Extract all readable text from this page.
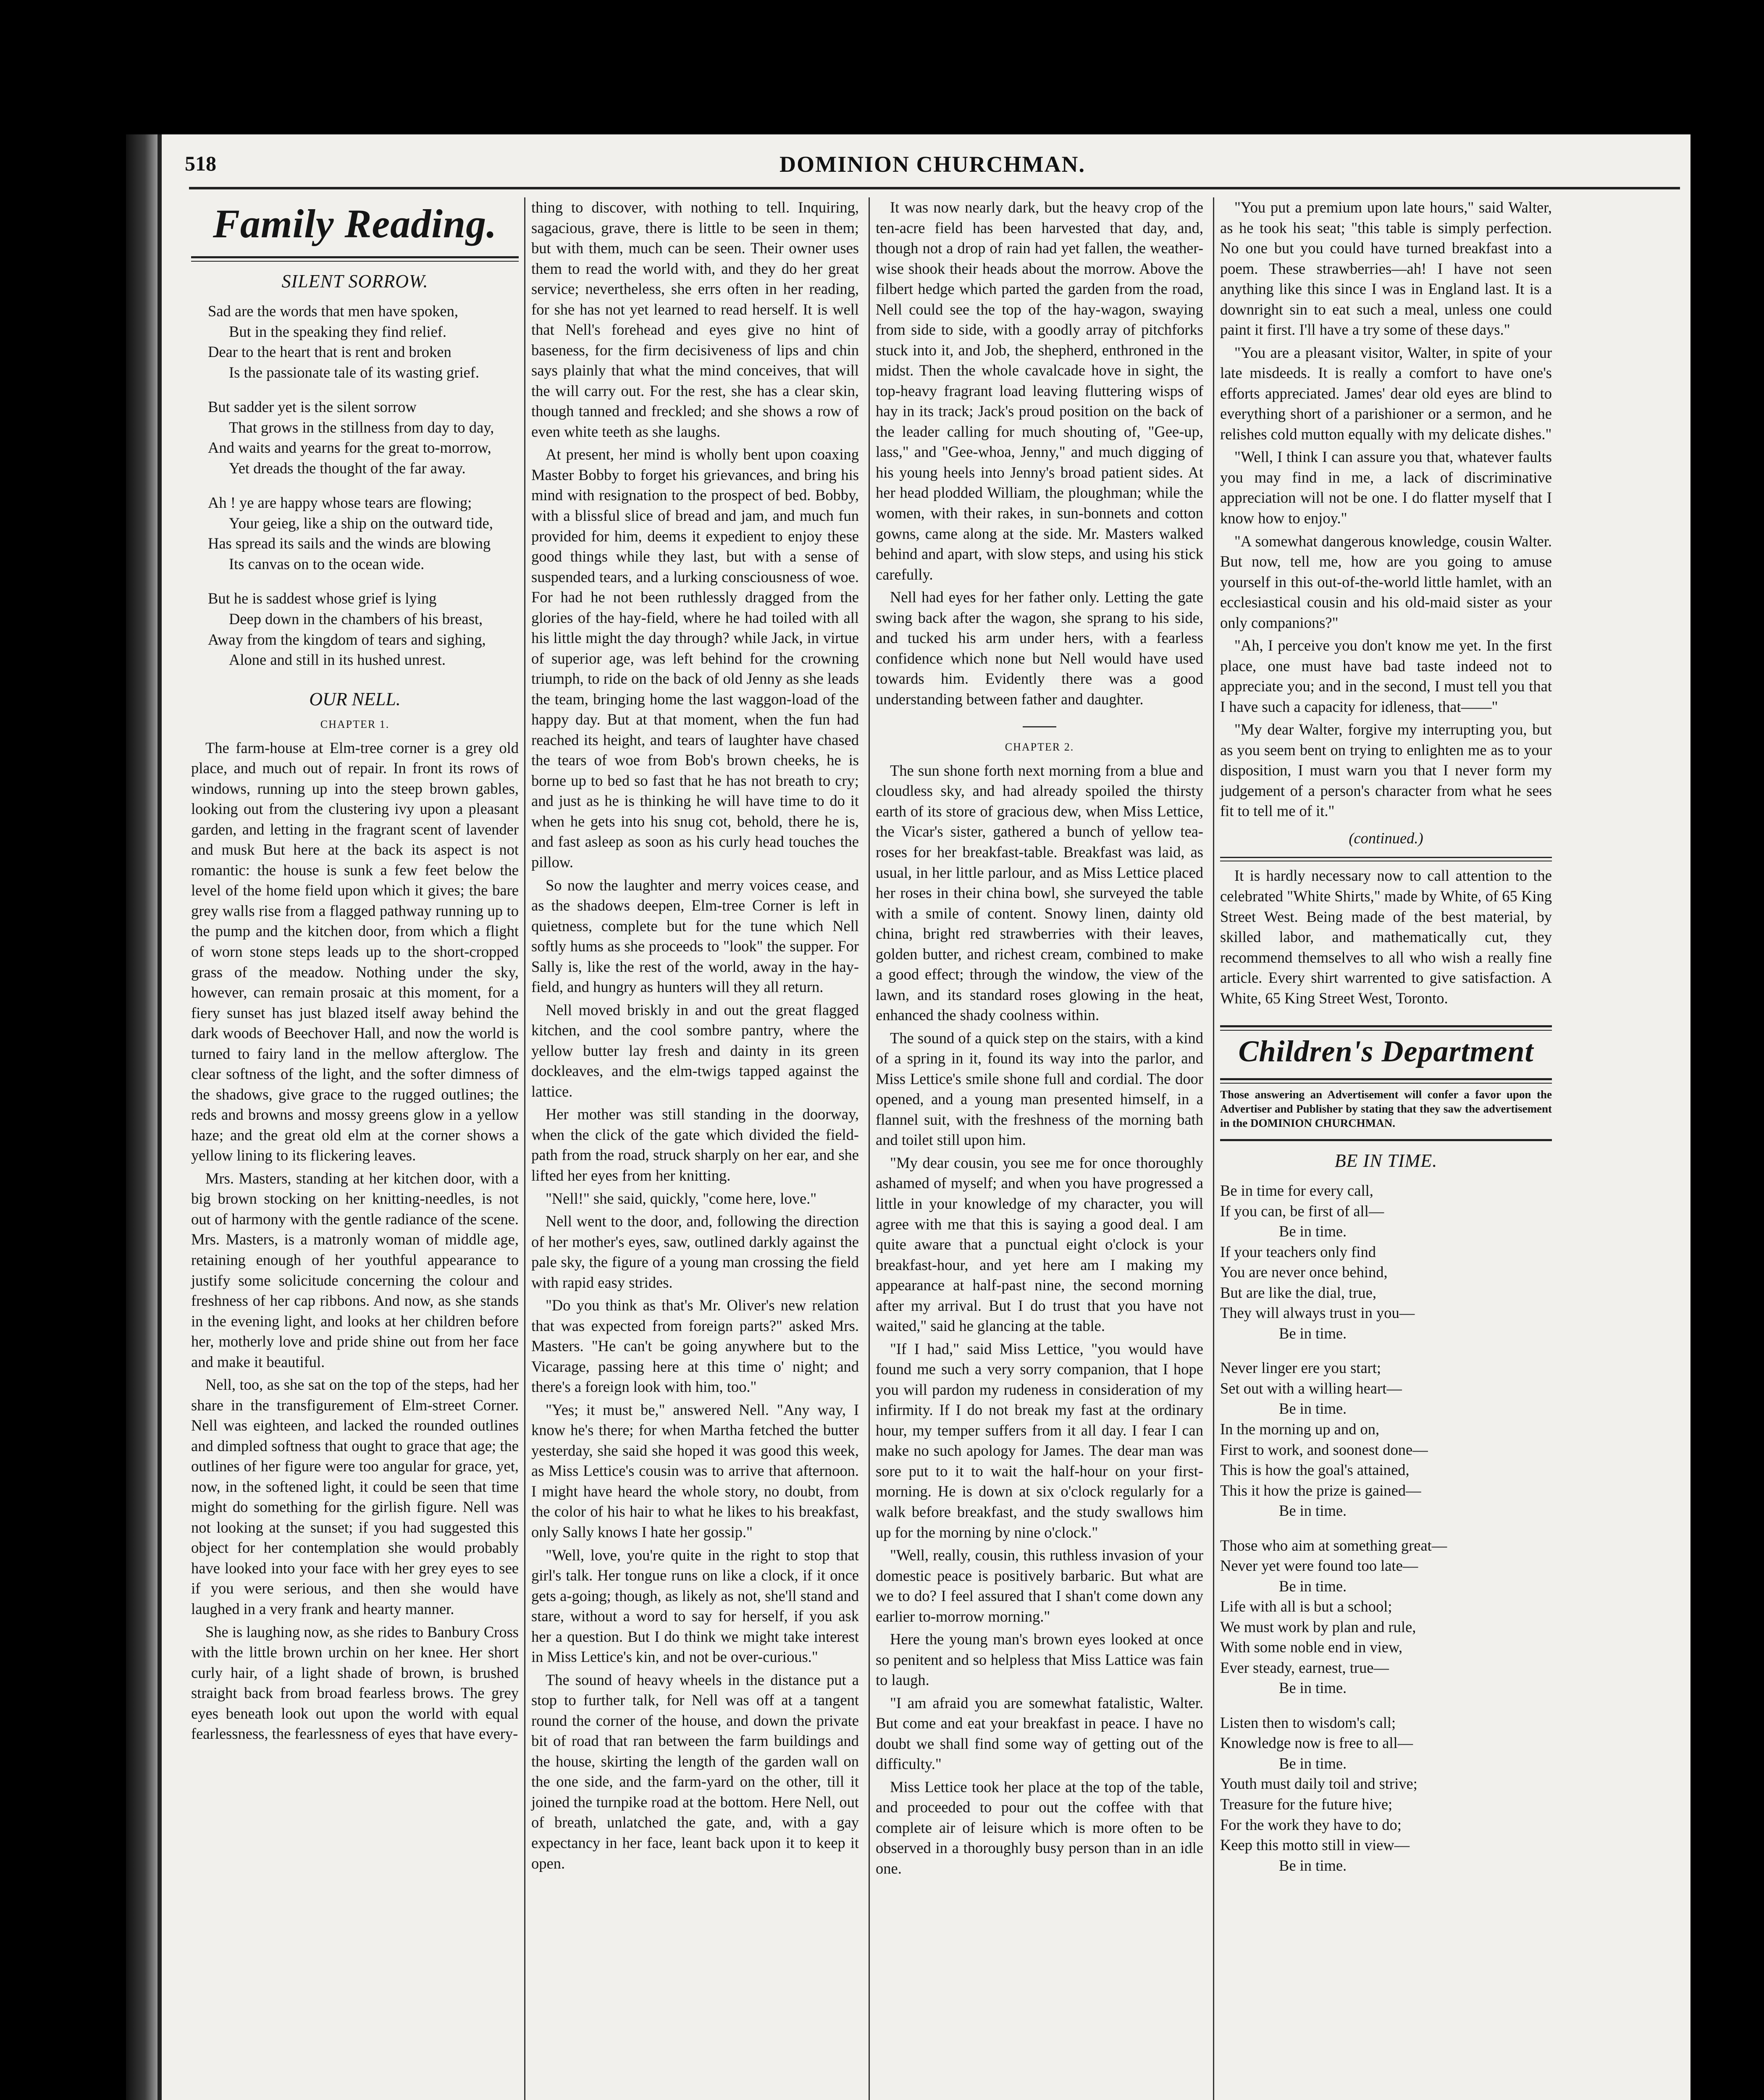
518	DOMINION CHURCHMAN.
Family Reading.
SILENT SORROW.

Sad are the words that men have spoken,

But in the speaking they find relief.

Dear to the heart that is rent and broken

Is the passionate tale of its wasting grief.

But sadder yet is the silent sorrow

That grows in the stillness from day to day,

And waits and yearns for the great to-morrow,

Yet dreads the thought of the far away.

Ah ! ye are happy whose tears are flowing;

Your geieg, like a ship on the outward tide,

Has spread its sails and the winds are blowing

Its canvas on to the ocean wide.

But he is saddest whose grief is lying

Deep down in the chambers of his breast,

Away from the kingdom of tears and sighing,

Alone and still in its hushed unrest.

OUR NELL.
CHAPTER 1.

The farm-house at Elm-tree corner is a grey old place, and much out of repair. In front its rows of windows, running up into the steep brown gables, looking out from the clustering ivy upon a pleasant garden, and letting in the fragrant scent of lavender and musk But here at the back its aspect is not romantic: the house is sunk a few feet below the level of the home field upon which it gives; the bare grey walls rise from a flagged pathway running up to the pump and the kitchen door, from which a flight of worn stone steps leads up to the short-cropped grass of the meadow. Nothing under the sky, however, can remain prosaic at this moment, for a fiery sunset has just blazed itself away behind the dark woods of Beechover Hall, and now the world is turned to fairy land in the mellow afterglow. The clear softness of the light, and the softer dimness of the shadows, give grace to the rugged outlines; the reds and browns and mossy greens glow in a yellow haze; and the great old elm at the corner shows a yellow lining to its flickering leaves.

Mrs. Masters, standing at her kitchen door, with a big brown stocking on her knitting-needles, is not out of harmony with the gentle radiance of the scene. Mrs. Masters, is a matronly woman of middle age, retaining enough of her youthful appearance to justify some solicitude concerning the colour and freshness of her cap ribbons. And now, as she stands in the evening light, and looks at her children before her, motherly love and pride shine out from her face and make it beautiful.

Nell, too, as she sat on the top of the steps, had her share in the transfigurement of Elm-street Corner. Nell was eighteen, and lacked the rounded outlines and dimpled softness that ought to grace that age; the outlines of her figure were too angular for grace, yet, now, in the softened light, it could be seen that time might do something for the girlish figure. Nell was not looking at the sunset; if you had suggested this object for her contemplation she would probably have looked into your face with her grey eyes to see if you were serious, and then she would have laughed in a very frank and hearty manner.

She is laughing now, as she rides to Banbury Cross with the little brown urchin on her knee. Her short curly hair, of a light shade of brown, is brushed straight back from broad fearless brows. The grey eyes beneath look out upon the world with equal fearlessness, the fearlessness of eyes that have every-

thing to discover, with nothing to tell. Inquiring, sagacious, grave, there is little to be seen in them; but with them, much can be seen. Their owner uses them to read the world with, and they do her great service; nevertheless, she errs often in her reading, for she has not yet learned to read herself. It is well that Nell's forehead and eyes give no hint of baseness, for the firm decisiveness of lips and chin says plainly that what the mind conceives, that will the will carry out. For the rest, she has a clear skin, though tanned and freckled; and she shows a row of even white teeth as she laughs.

At present, her mind is wholly bent upon coaxing Master Bobby to forget his grievances, and bring his mind with resignation to the prospect of bed. Bobby, with a blissful slice of bread and jam, and much fun provided for him, deems it expedient to enjoy these good things while they last, but with a sense of suspended tears, and a lurking consciousness of woe. For had he not been ruthlessly dragged from the glories of the hay-field, where he had toiled with all his little might the day through? while Jack, in virtue of superior age, was left behind for the crowning triumph, to ride on the back of old Jenny as she leads the team, bringing home the last waggon-load of the happy day. But at that moment, when the fun had reached its height, and tears of laughter have chased the tears of woe from Bob's brown cheeks, he is borne up to bed so fast that he has not breath to cry; and just as he is thinking he will have time to do it when he gets into his snug cot, behold, there he is, and fast asleep as soon as his curly head touches the pillow.

So now the laughter and merry voices cease, and as the shadows deepen, Elm-tree Corner is left in quietness, complete but for the tune which Nell softly hums as she proceeds to "look" the supper. For Sally is, like the rest of the world, away in the hay-field, and hungry as hunters will they all return.

Nell moved briskly in and out the great flagged kitchen, and the cool sombre pantry, where the yellow butter lay fresh and dainty in its green dockleaves, and the elm-twigs tapped against the lattice.

Her mother was still standing in the doorway, when the click of the gate which divided the field-path from the road, struck sharply on her ear, and she lifted her eyes from her knitting.

"Nell!" she said, quickly, "come here, love."

Nell went to the door, and, following the direction of her mother's eyes, saw, outlined darkly against the pale sky, the figure of a young man crossing the field with rapid easy strides.

"Do you think as that's Mr. Oliver's new relation that was expected from foreign parts?" asked Mrs. Masters. "He can't be going anywhere but to the Vicarage, passing here at this time o' night; and there's a foreign look with him, too."

"Yes; it must be," answered Nell. "Any way, I know he's there; for when Martha fetched the butter yesterday, she said she hoped it was good this week, as Miss Lettice's cousin was to arrive that afternoon. I might have heard the whole story, no doubt, from the color of his hair to what he likes to his breakfast, only Sally knows I hate her gossip."

"Well, love, you're quite in the right to stop that girl's talk. Her tongue runs on like a clock, if it once gets a-going; though, as likely as not, she'll stand and stare, without a word to say for herself, if you ask her a question. But I do think we might take interest in Miss Lettice's kin, and not be over-curious."

The sound of heavy wheels in the distance put a stop to further talk, for Nell was off at a tangent round the corner of the house, and down the private bit of road that ran between the farm buildings and the house, skirting the length of the garden wall on the one side, and the farm-yard on the other, till it joined the turnpike road at the bottom. Here Nell, out of breath, unlatched the gate, and, with a gay expectancy in her face, leant back upon it to keep it open.

It was now nearly dark, but the heavy crop of the ten-acre field has been harvested that day, and, though not a drop of rain had yet fallen, the weather-wise shook their heads about the morrow. Above the filbert hedge which parted the garden from the road, Nell could see the top of the hay-wagon, swaying from side to side, with a goodly array of pitchforks stuck into it, and Job, the shepherd, enthroned in the midst. Then the whole cavalcade hove in sight, the top-heavy fragrant load leaving fluttering wisps of hay in its track; Jack's proud position on the back of the leader calling for much shouting of, "Gee-up, lass," and "Gee-whoa, Jenny," and much digging of his young heels into Jenny's broad patient sides. At her head plodded William, the ploughman; while the women, with their rakes, in sun-bonnets and cotton gowns, came along at the side. Mr. Masters walked behind and apart, with slow steps, and using his stick carefully.

Nell had eyes for her father only. Letting the gate swing back after the wagon, she sprang to his side, and tucked his arm under hers, with a fearless confidence which none but Nell would have used towards him. Evidently there was a good understanding between father and daughter.

CHAPTER 2.

The sun shone forth next morning from a blue and cloudless sky, and had already spoiled the thirsty earth of its store of gracious dew, when Miss Lettice, the Vicar's sister, gathered a bunch of yellow tea-roses for her breakfast-table. Breakfast was laid, as usual, in her little parlour, and as Miss Lettice placed her roses in their china bowl, she surveyed the table with a smile of content. Snowy linen, dainty old china, bright red strawberries with their leaves, golden butter, and richest cream, combined to make a good effect; through the window, the view of the lawn, and its standard roses glowing in the heat, enhanced the shady coolness within.

The sound of a quick step on the stairs, with a kind of a spring in it, found its way into the parlor, and Miss Lettice's smile shone full and cordial. The door opened, and a young man presented himself, in a flannel suit, with the freshness of the morning bath and toilet still upon him.

"My dear cousin, you see me for once thoroughly ashamed of myself; and when you have progressed a little in your knowledge of my character, you will agree with me that this is saying a good deal. I am quite aware that a punctual eight o'clock is your breakfast-hour, and yet here am I making my appearance at half-past nine, the second morning after my arrival. But I do trust that you have not waited," said he glancing at the table.

"If I had," said Miss Lettice, "you would have found me such a very sorry companion, that I hope you will pardon my rudeness in consideration of my infirmity. If I do not break my fast at the ordinary hour, my temper suffers from it all day. I fear I can make no such apology for James. The dear man was sore put to it to wait the half-hour on your first-morning. He is down at six o'clock regularly for a walk before breakfast, and the study swallows him up for the morning by nine o'clock."

"Well, really, cousin, this ruthless invasion of your domestic peace is positively barbaric. But what are we to do? I feel assured that I shan't come down any earlier to-morrow morning."

Here the young man's brown eyes looked at once so penitent and so helpless that Miss Lattice was fain to laugh.

"I am afraid you are somewhat fatalistic, Walter. But come and eat your breakfast in peace. I have no doubt we shall find some way of getting out of the difficulty."

Miss Lettice took her place at the top of the table, and proceeded to pour out the coffee with that complete air of leisure which is more often to be observed in a thoroughly busy person than in an idle one.

"You put a premium upon late hours," said Walter, as he took his seat; "this table is simply perfection. No one but you could have turned breakfast into a poem. These strawberries—ah! I have not seen anything like this since I was in England last. It is a downright sin to eat such a meal, unless one could paint it first. I'll have a try some of these days."

"You are a pleasant visitor, Walter, in spite of your late misdeeds. It is really a comfort to have one's efforts appreciated. James' dear old eyes are blind to everything short of a parishioner or a sermon, and he relishes cold mutton equally with my delicate dishes."

"Well, I think I can assure you that, whatever faults you may find in me, a lack of discriminative appreciation will not be one. I do flatter myself that I know how to enjoy."

"A somewhat dangerous knowledge, cousin Walter. But now, tell me, how are you going to amuse yourself in this out-of-the-world little hamlet, with an ecclesiastical cousin and his old-maid sister as your only companions?"

"Ah, I perceive you don't know me yet. In the first place, one must have bad taste indeed not to appreciate you; and in the second, I must tell you that I have such a capacity for idleness, that——"

"My dear Walter, forgive my interrupting you, but as you seem bent on trying to enlighten me as to your disposition, I must warn you that I never form my judgement of a person's character from what he sees fit to tell me of it."

(continued.)

It is hardly necessary now to call attention to the celebrated "White Shirts," made by White, of 65 King Street West. Being made of the best material, by skilled labor, and mathematically cut, they recommend themselves to all who wish a really fine article. Every shirt warrented to give satisfaction. A White, 65 King Street West, Toronto.

Children's Department
Those answering an Advertisement will confer a favor upon the Advertiser and Publisher by stating that they saw the advertisement in the DOMINION CHURCHMAN.
BE IN TIME.

Be in time for every call,

If you can, be first of all—

Be in time.

If your teachers only find

You are never once behind,

But are like the dial, true,

They will always trust in you—

Be in time.

Never linger ere you start;

Set out with a willing heart—

Be in time.

In the morning up and on,

First to work, and soonest done—

This is how the goal's attained,

This it how the prize is gained—

Be in time.

Those who aim at something great—

Never yet were found too late—

Be in time.

Life with all is but a school;

We must work by plan and rule,

With some noble end in view,

Ever steady, earnest, true—

Be in time.

Listen then to wisdom's call;

Knowledge now is free to all—

Be in time.

Youth must daily toil and strive;

Treasure for the future hive;

For the work they have to do;

Keep this motto still in view—

Be in time.
